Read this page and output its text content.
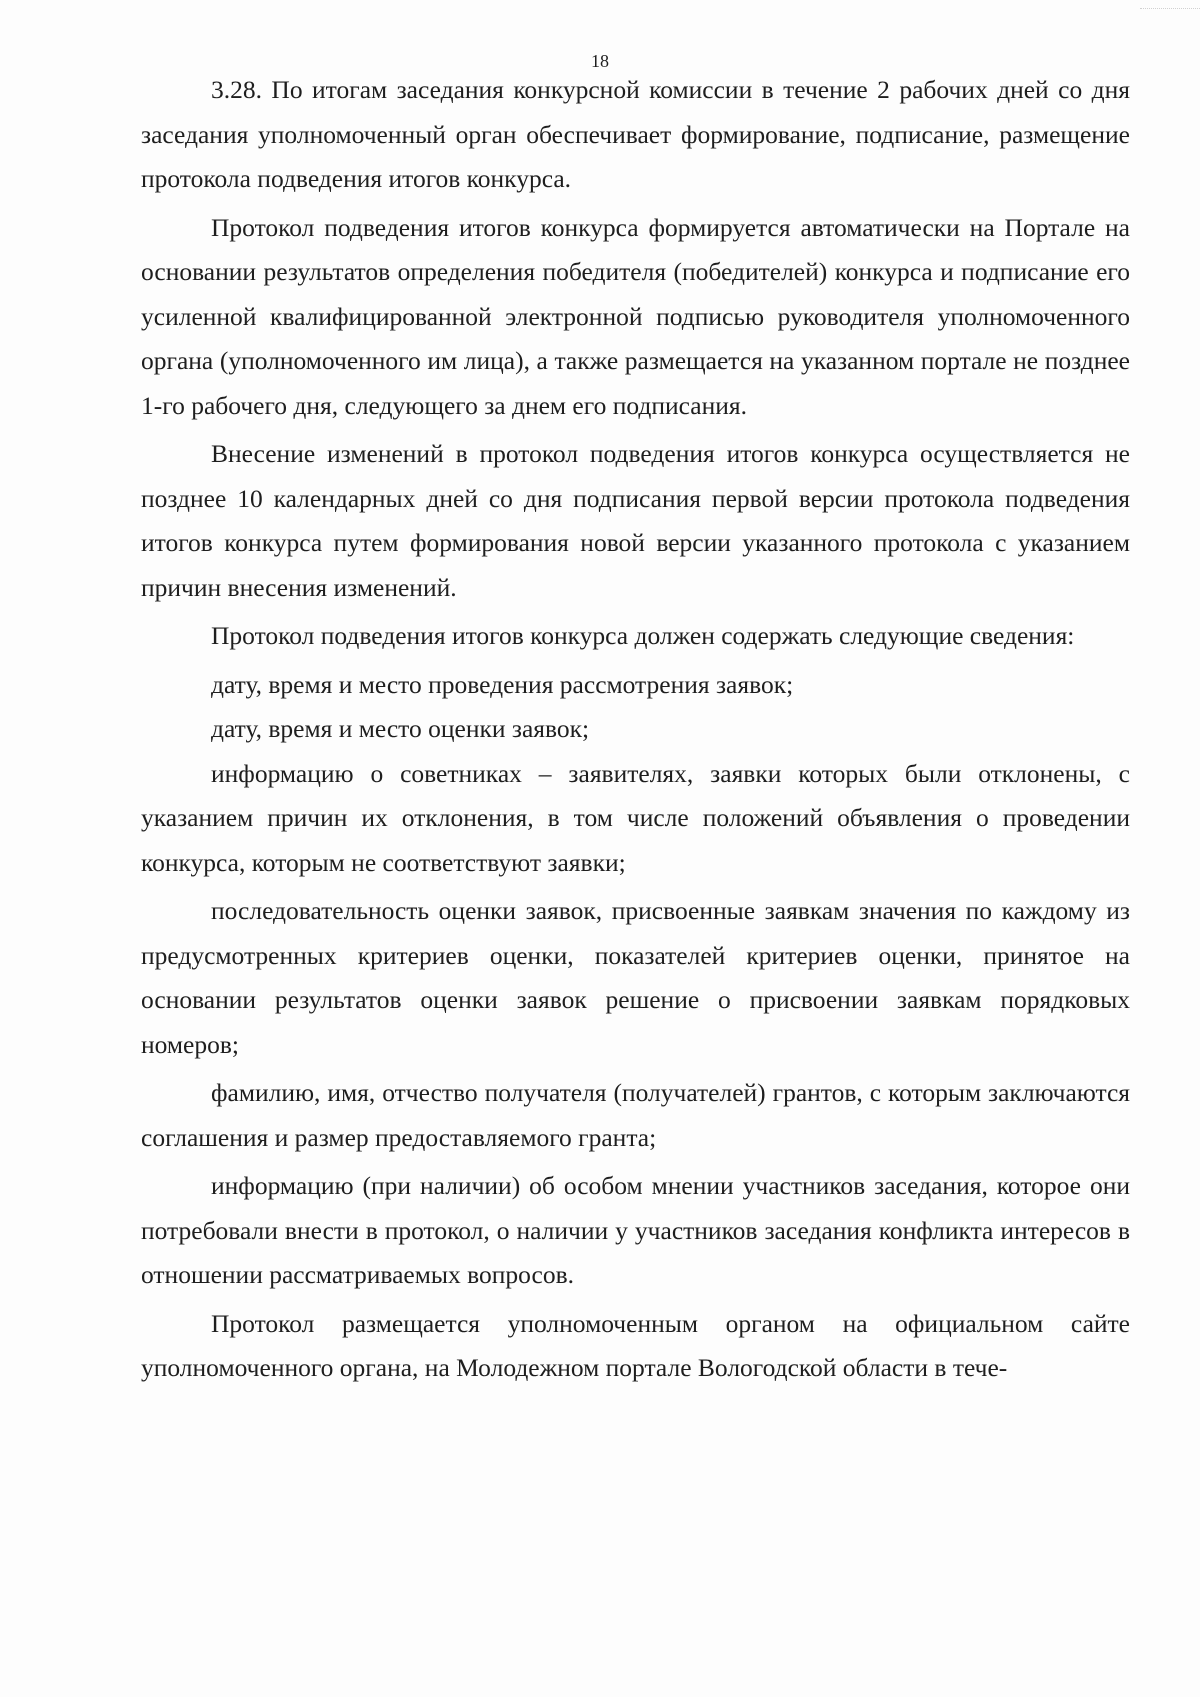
18

3.28. По итогам заседания конкурсной комиссии в течение 2 рабочих дней со дня заседания уполномоченный орган обеспечивает формирование, подписание, размещение протокола подведения итогов конкурса.

Протокол подведения итогов конкурса формируется автоматически на Портале на основании результатов определения победителя (победителей) конкурса и подписание его усиленной квалифицированной электронной подписью руководителя уполномоченного органа (уполномоченного им лица), а также размещается на указанном портале не позднее 1-го рабочего дня, следующего за днем его подписания.

Внесение изменений в протокол подведения итогов конкурса осуществляется не позднее 10 календарных дней со дня подписания первой версии протокола подведения итогов конкурса путем формирования новой версии указанного протокола с указанием причин внесения изменений.

Протокол подведения итогов конкурса должен содержать следующие сведения:

дату, время и место проведения рассмотрения заявок;

дату, время и место оценки заявок;

информацию о советниках – заявителях, заявки которых были отклонены, с указанием причин их отклонения, в том числе положений объявления о проведении конкурса, которым не соответствуют заявки;

последовательность оценки заявок, присвоенные заявкам значения по каждому из предусмотренных критериев оценки, показателей критериев оценки, принятое на основании результатов оценки заявок решение о присвоении заявкам порядковых номеров;

фамилию, имя, отчество получателя (получателей) грантов, с которым заключаются соглашения и размер предоставляемого гранта;

информацию (при наличии) об особом мнении участников заседания, которое они потребовали внести в протокол, о наличии у участников заседания конфликта интересов в отношении рассматриваемых вопросов.

Протокол размещается уполномоченным органом на официальном сайте уполномоченного органа, на Молодежном портале Вологодской области в тече-
